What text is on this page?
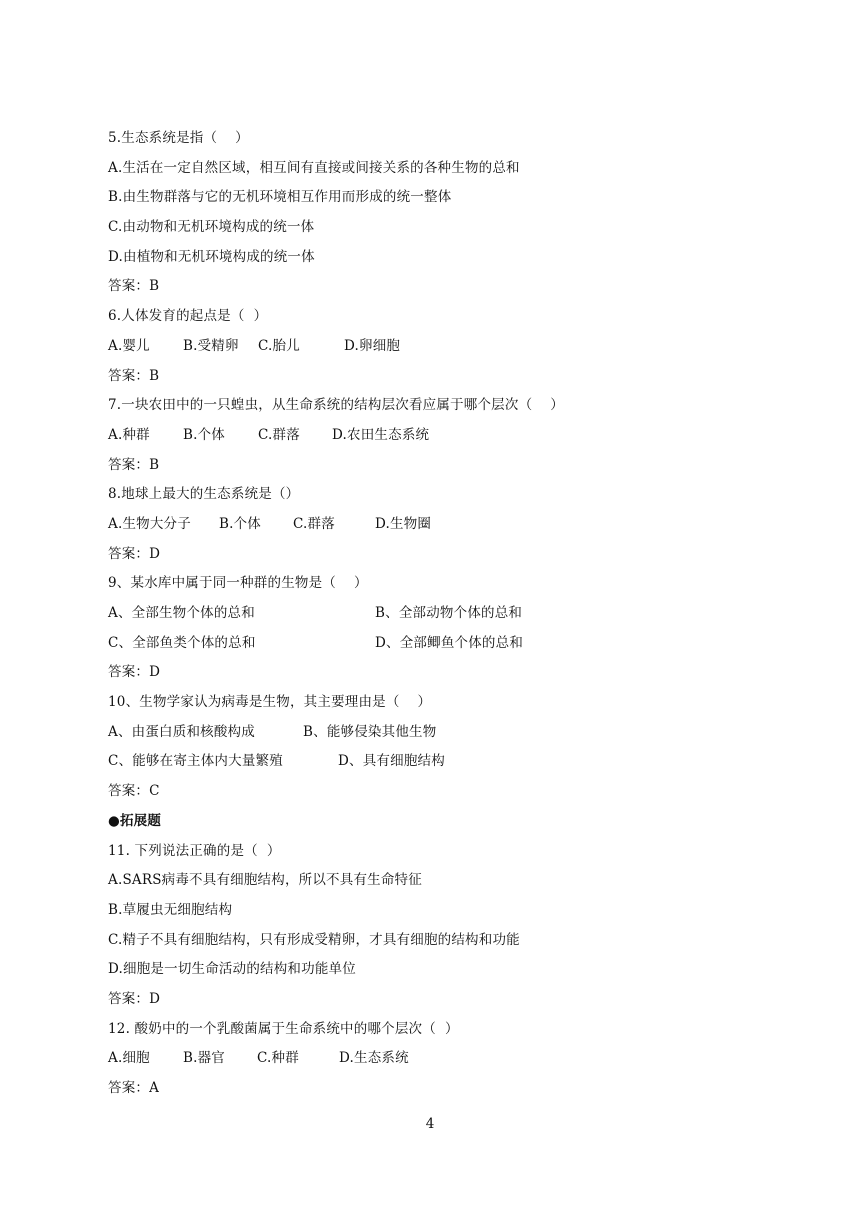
5.生态系统是指（    ）
A.生活在一定自然区域，相互间有直接或间接关系的各种生物的总和
B.由生物群落与它的无机环境相互作用而形成的统一整体
C.由动物和无机环境构成的统一体
D.由植物和无机环境构成的统一体
答案：B
6.人体发育的起点是（  ）
A.婴儿	B.受精卵	C.胎儿	D.卵细胞
答案：B
7.一块农田中的一只蝗虫，从生命系统的结构层次看应属于哪个层次（    ）
A.种群	B.个体	C.群落	D.农田生态系统
答案：B
8.地球上最大的生态系统是（）
A.生物大分子	B.个体	C.群落	D.生物圈
答案：D
9、某水库中属于同一种群的生物是（    ）
A、全部生物个体的总和	B、全部动物个体的总和
C、全部鱼类个体的总和	D、全部鲫鱼个体的总和
答案：D
10、生物学家认为病毒是生物，其主要理由是（    ）
A、由蛋白质和核酸构成	B、能够侵染其他生物
C、能够在寄主体内大量繁殖	D、具有细胞结构
答案：C
●拓展题
11. 下列说法正确的是（  ）
A.SARS病毒不具有细胞结构，所以不具有生命特征
B.草履虫无细胞结构
C.精子不具有细胞结构，只有形成受精卵，才具有细胞的结构和功能
D.细胞是一切生命活动的结构和功能单位
答案：D
12. 酸奶中的一个乳酸菌属于生命系统中的哪个层次（  ）
A.细胞	B.器官	C.种群	D.生态系统
答案：A
4
